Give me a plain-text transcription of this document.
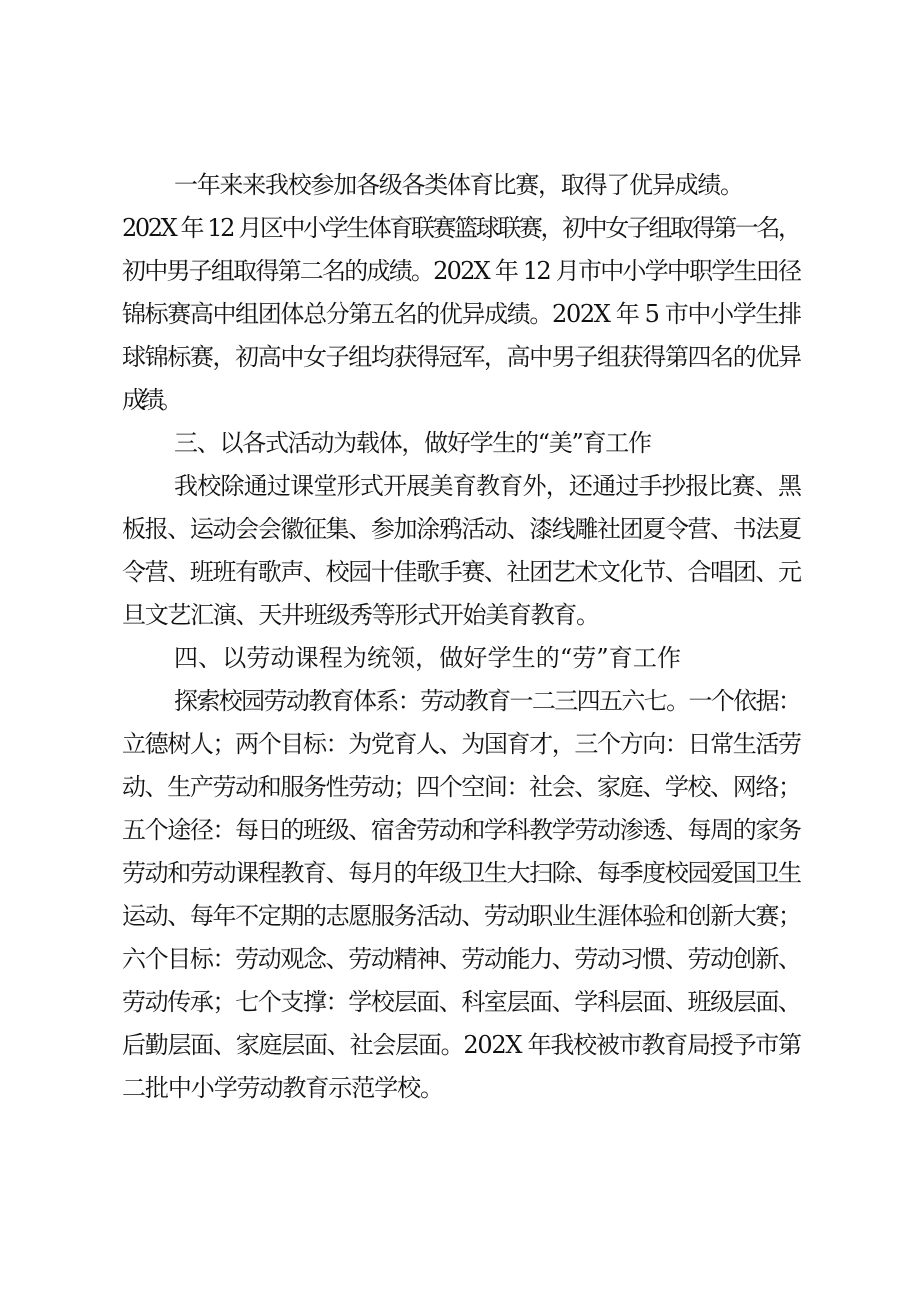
一年来来我校参加各级各类体育比赛，取得了优异成绩。
202X 年 12 月区中小学生体育联赛篮球联赛，初中女子组取得第一名，
初中男子组取得第二名的成绩。202X 年 12 月市中小学中职学生田径
锦标赛高中组团体总分第五名的优异成绩。202X 年 5 市中小学生排
球锦标赛，初高中女子组均获得冠军，高中男子组获得第四名的优异
成绩。
三、以各式活动为载体，做好学生的“美”育工作
我校除通过课堂形式开展美育教育外，还通过手抄报比赛、黑
板报、运动会会徽征集、参加涂鸦活动、漆线雕社团夏令营、书法夏
令营、班班有歌声、校园十佳歌手赛、社团艺术文化节、合唱团、元
旦文艺汇演、天井班级秀等形式开始美育教育。
四、以劳动课程为统领，做好学生的“劳”育工作
探索校园劳动教育体系：劳动教育一二三四五六七。一个依据：
立德树人；两个目标：为党育人、为国育才，三个方向：日常生活劳
动、生产劳动和服务性劳动；四个空间：社会、家庭、学校、网络；
五个途径：每日的班级、宿舍劳动和学科教学劳动渗透、每周的家务
劳动和劳动课程教育、每月的年级卫生大扫除、每季度校园爱国卫生
运动、每年不定期的志愿服务活动、劳动职业生涯体验和创新大赛；
六个目标：劳动观念、劳动精神、劳动能力、劳动习惯、劳动创新、
劳动传承；七个支撑：学校层面、科室层面、学科层面、班级层面、
后勤层面、家庭层面、社会层面。202X 年我校被市教育局授予市第
二批中小学劳动教育示范学校。
